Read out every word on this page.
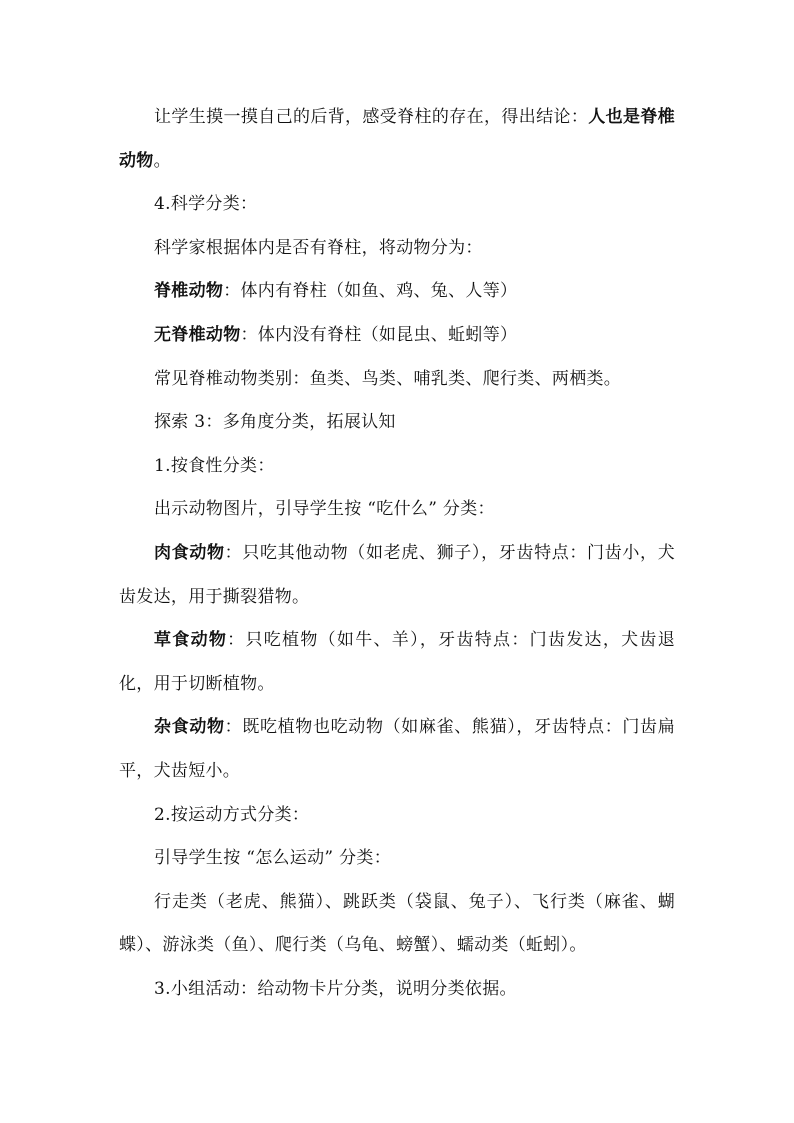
让学生摸一摸自己的后背，感受脊柱的存在，得出结论：人也是脊椎动物。

4.科学分类：

科学家根据体内是否有脊柱，将动物分为：

脊椎动物：体内有脊柱（如鱼、鸡、兔、人等）

无脊椎动物：体内没有脊柱（如昆虫、蚯蚓等）

常见脊椎动物类别：鱼类、鸟类、哺乳类、爬行类、两栖类。

探索 3：多角度分类，拓展认知

1.按食性分类：

出示动物图片，引导学生按 “吃什么” 分类：

肉食动物：只吃其他动物（如老虎、狮子），牙齿特点：门齿小，犬齿发达，用于撕裂猎物。

草食动物：只吃植物（如牛、羊），牙齿特点：门齿发达，犬齿退化，用于切断植物。

杂食动物：既吃植物也吃动物（如麻雀、熊猫），牙齿特点：门齿扁平，犬齿短小。

2.按运动方式分类：

引导学生按 “怎么运动” 分类：

行走类（老虎、熊猫）、跳跃类（袋鼠、兔子）、飞行类（麻雀、蝴蝶）、游泳类（鱼）、爬行类（乌龟、螃蟹）、蠕动类（蚯蚓）。

3.小组活动：给动物卡片分类，说明分类依据。
